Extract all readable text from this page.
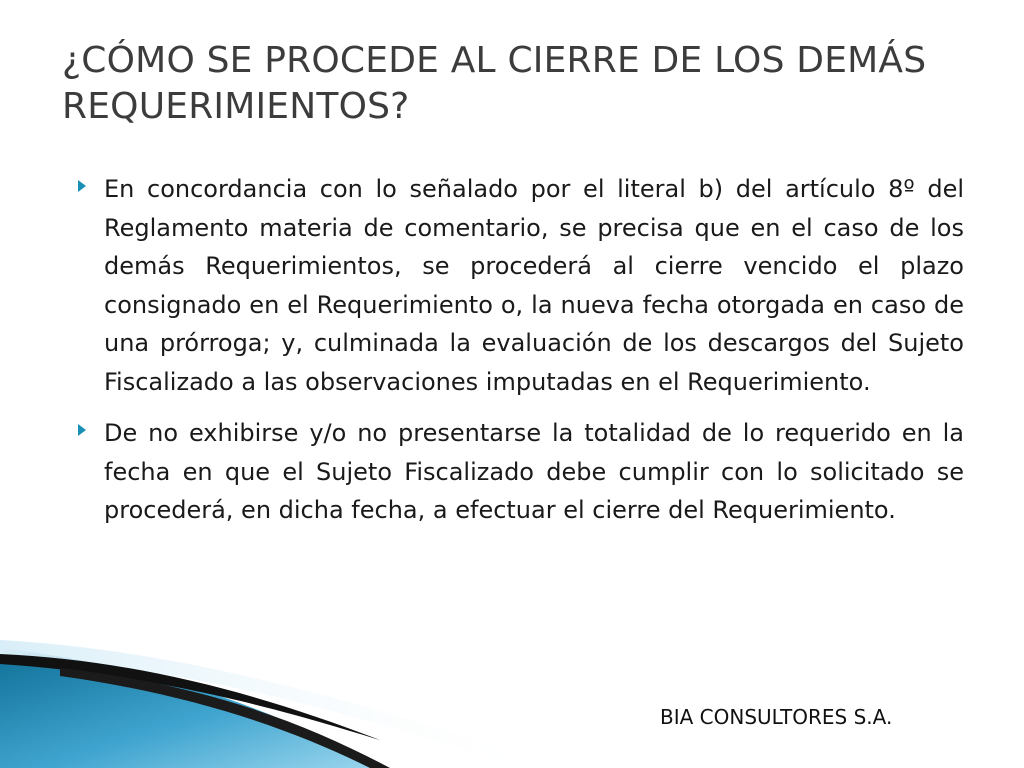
¿CÓMO SE PROCEDE AL CIERRE DE LOS DEMÁS REQUERIMIENTOS?
En concordancia con lo señalado por el literal b) del artículo 8º del Reglamento materia de comentario, se precisa que en el caso de los demás Requerimientos, se procederá al cierre vencido el plazo consignado en el Requerimiento o, la nueva fecha otorgada en caso de una prórroga; y, culminada la evaluación de los descargos del Sujeto Fiscalizado a las observaciones imputadas en el Requerimiento.
De no exhibirse y/o no presentarse la totalidad de lo requerido en la fecha en que el Sujeto Fiscalizado debe cumplir con lo solicitado se procederá, en dicha fecha, a efectuar el cierre del Requerimiento.
BIA CONSULTORES S.A.
